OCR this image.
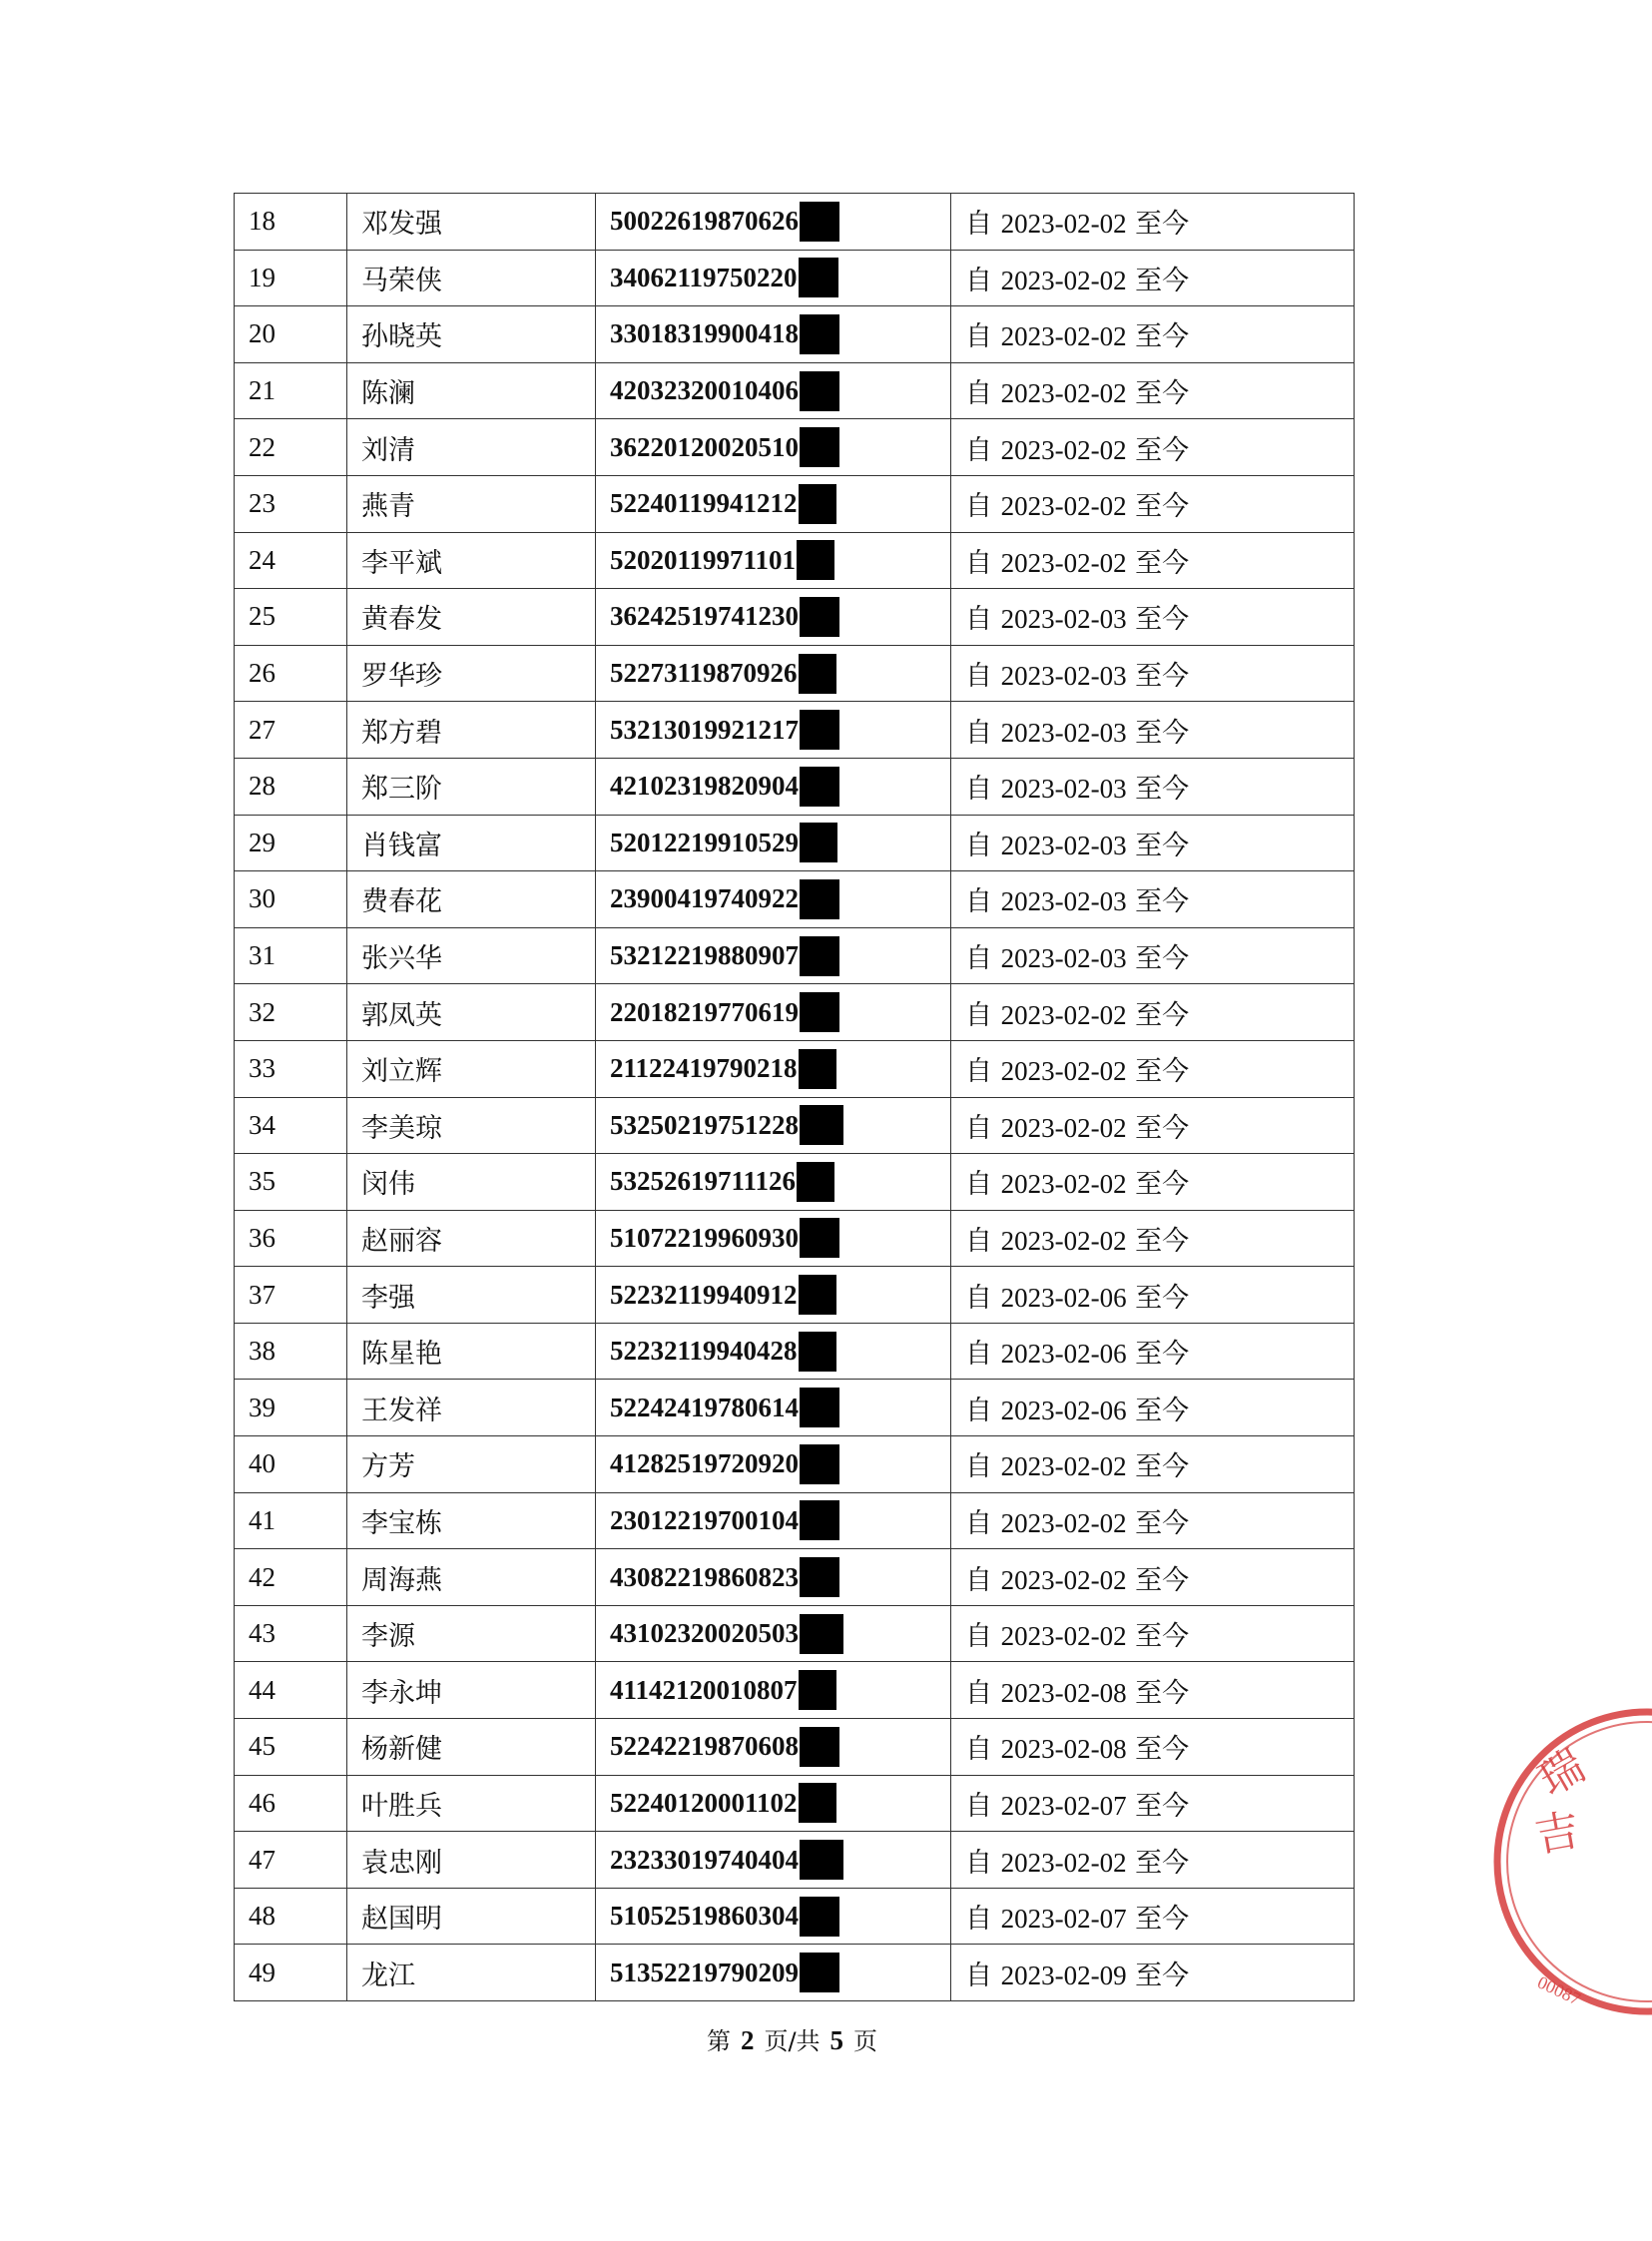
18	邓发强	50022619870626	自 2023-02-02 至今
19	马荣侠	34062119750220	自 2023-02-02 至今
20	孙晓英	33018319900418	自 2023-02-02 至今
21	陈澜	42032320010406	自 2023-02-02 至今
22	刘清	36220120020510	自 2023-02-02 至今
23	燕青	52240119941212	自 2023-02-02 至今
24	李平斌	52020119971101	自 2023-02-02 至今
25	黄春发	36242519741230	自 2023-02-03 至今
26	罗华珍	52273119870926	自 2023-02-03 至今
27	郑方碧	53213019921217	自 2023-02-03 至今
28	郑三阶	42102319820904	自 2023-02-03 至今
29	肖钱富	52012219910529	自 2023-02-03 至今
30	费春花	23900419740922	自 2023-02-03 至今
31	张兴华	53212219880907	自 2023-02-03 至今
32	郭凤英	22018219770619	自 2023-02-02 至今
33	刘立辉	21122419790218	自 2023-02-02 至今
34	李美琼	53250219751228	自 2023-02-02 至今
35	闵伟	53252619711126	自 2023-02-02 至今
36	赵丽容	51072219960930	自 2023-02-02 至今
37	李强	52232119940912	自 2023-02-06 至今
38	陈星艳	52232119940428	自 2023-02-06 至今
39	王发祥	52242419780614	自 2023-02-06 至今
40	方芳	41282519720920	自 2023-02-02 至今
41	李宝栋	23012219700104	自 2023-02-02 至今
42	周海燕	43082219860823	自 2023-02-02 至今
43	李源	43102320020503	自 2023-02-02 至今
44	李永坤	41142120010807	自 2023-02-08 至今
45	杨新健	52242219870608	自 2023-02-08 至今
46	叶胜兵	52240120001102	自 2023-02-07 至今
47	袁忠刚	23233019740404	自 2023-02-02 至今
48	赵国明	51052519860304	自 2023-02-07 至今
49	龙江	51352219790209	自 2023-02-09 至今
第 2 页/共 5 页
瑞
吉
00087
